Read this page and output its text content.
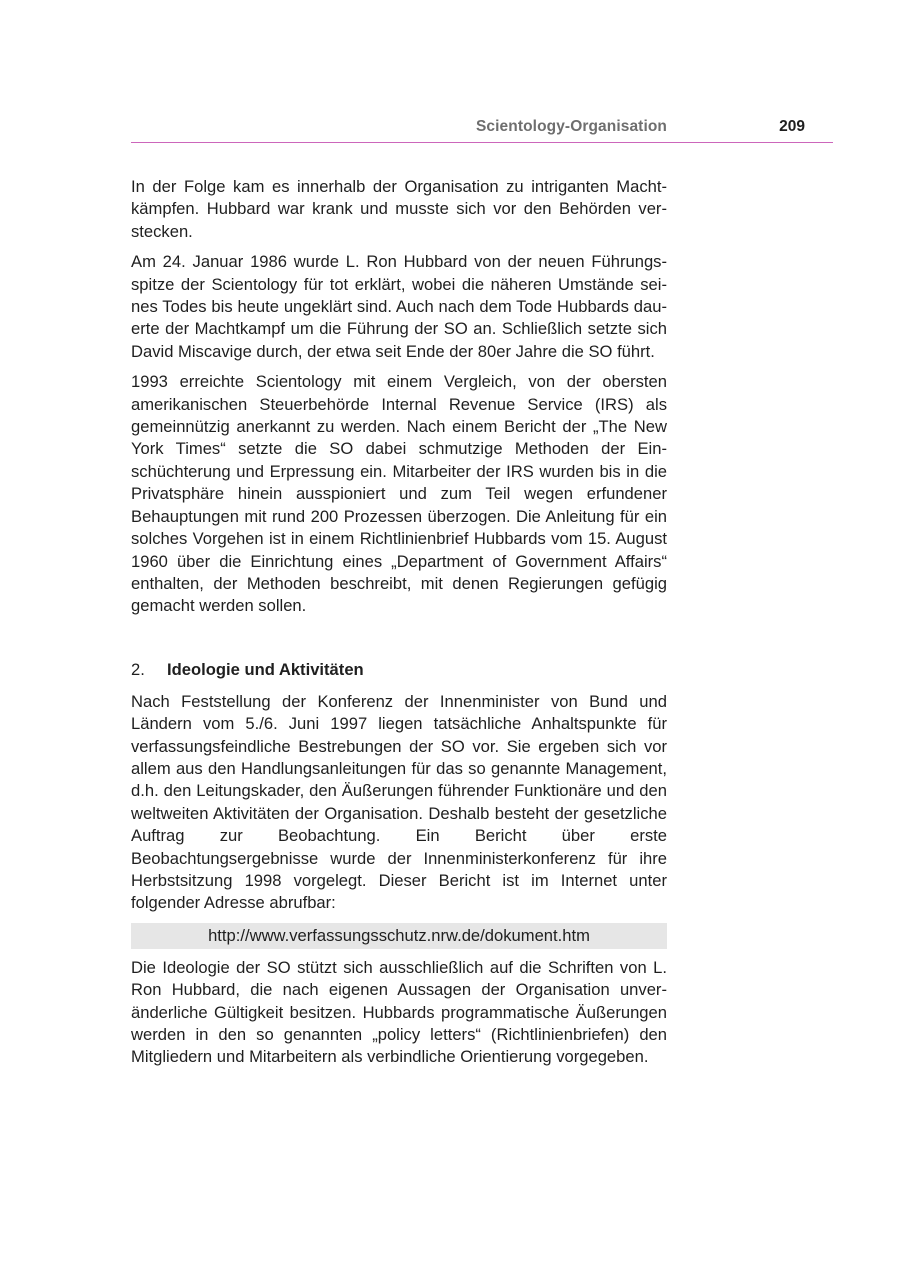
Scientology-Organisation	209

In der Folge kam es innerhalb der Organisation zu intriganten Machtkämpfen. Hubbard war krank und musste sich vor den Behörden verstecken.

Am 24. Januar 1986 wurde L. Ron Hubbard von der neuen Führungsspitze der Scientology für tot erklärt, wobei die näheren Umstände seines Todes bis heute ungeklärt sind. Auch nach dem Tode Hubbards dauerte der Machtkampf um die Führung der SO an. Schließlich setzte sich David Miscavige durch, der etwa seit Ende der 80er Jahre die SO führt.

1993 erreichte Scientology mit einem Vergleich, von der obersten amerikanischen Steuerbehörde Internal Revenue Service (IRS) als gemeinnützig anerkannt zu werden. Nach einem Bericht der „The New York Times“ setzte die SO dabei schmutzige Methoden der Einschüchterung und Erpressung ein. Mitarbeiter der IRS wurden bis in die Privatsphäre hinein ausspioniert und zum Teil wegen erfundener Behauptungen mit rund 200 Prozessen überzogen. Die Anleitung für ein solches Vorgehen ist in einem Richtlinienbrief Hubbards vom 15. August 1960 über die Einrichtung eines „Department of Government Affairs“ enthalten, der Methoden beschreibt, mit denen Regierungen gefügig gemacht werden sollen.

2. Ideologie und Aktivitäten

Nach Feststellung der Konferenz der Innenminister von Bund und Ländern vom 5./6. Juni 1997 liegen tatsächliche Anhaltspunkte für verfassungsfeindliche Bestrebungen der SO vor. Sie ergeben sich vor allem aus den Handlungsanleitungen für das so genannte Management, d.h. den Leitungskader, den Äußerungen führender Funktionäre und den weltweiten Aktivitäten der Organisation. Deshalb besteht der gesetzliche Auftrag zur Beobachtung. Ein Bericht über erste Beobachtungsergebnisse wurde der Innenministerkonferenz für ihre Herbstsitzung 1998 vorgelegt. Dieser Bericht ist im Internet unter folgender Adresse abrufbar:

http://www.verfassungsschutz.nrw.de/dokument.htm

Die Ideologie der SO stützt sich ausschließlich auf die Schriften von L. Ron Hubbard, die nach eigenen Aussagen der Organisation unveränderliche Gültigkeit besitzen. Hubbards programmatische Äußerungen werden in den so genannten „policy letters“ (Richtlinienbriefen) den Mitgliedern und Mitarbeitern als verbindliche Orientierung vorgegeben.
